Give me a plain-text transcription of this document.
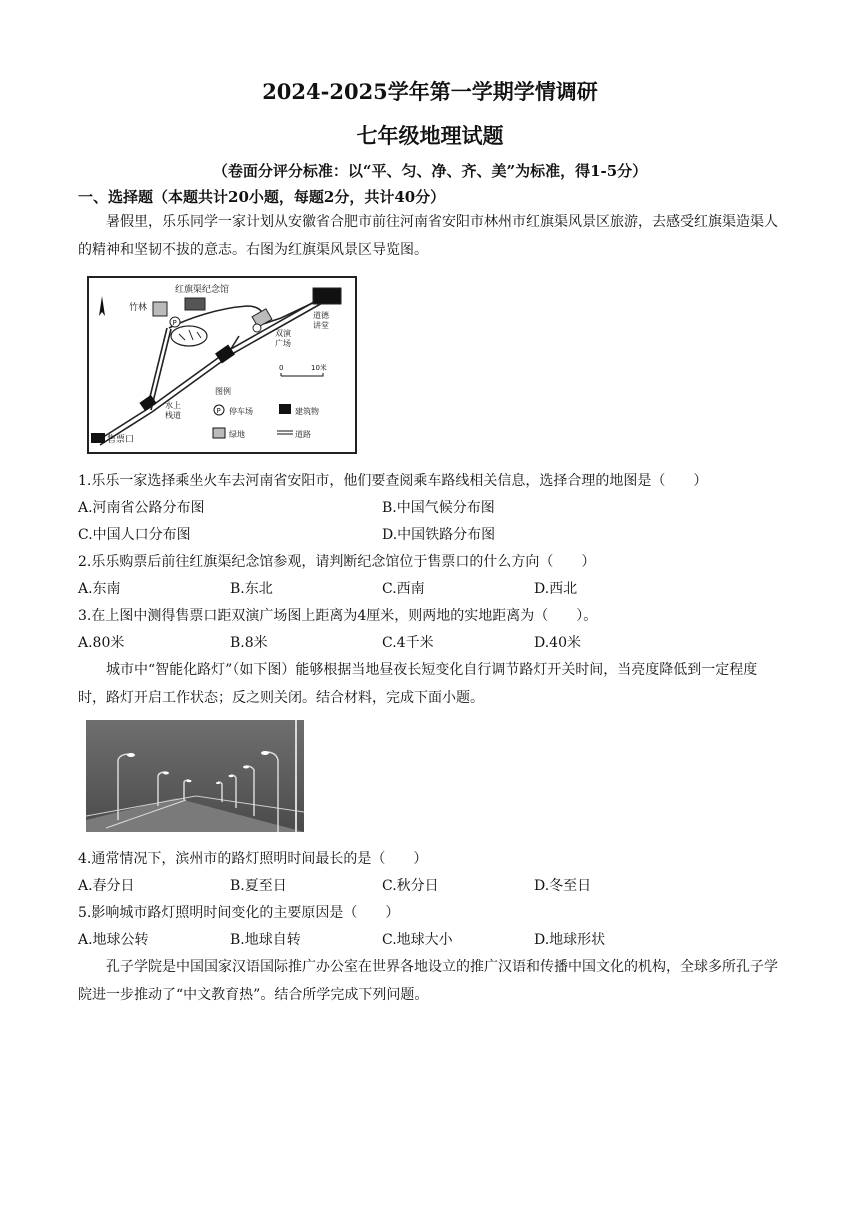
2024-2025学年第一学期学情调研
七年级地理试题
（卷面分评分标准：以“平、匀、净、齐、美”为标准，得1-5分）
一、选择题（本题共计20小题，每题2分，共计40分）
暑假里，乐乐同学一家计划从安徽省合肥市前往河南省安阳市林州市红旗渠风景区旅游，去感受红旗渠造渠人的精神和坚韧不拔的意志。右图为红旗渠风景区导览图。
P
红旗渠纪念馆
竹林
道德
讲堂
双演
广场
水上
栈道
售票口
0	10米
图例
P 停车场	建筑物
绿地	道路
1.乐乐一家选择乘坐火车去河南省安阳市，他们要查阅乘车路线相关信息，选择合理的地图是（　　）
A.河南省公路分布图	B.中国气候分布图
C.中国人口分布图	D.中国铁路分布图
2.乐乐购票后前往红旗渠纪念馆参观，请判断纪念馆位于售票口的什么方向（　　）
A.东南	B.东北	C.西南	D.西北
3.在上图中测得售票口距双演广场图上距离为4厘米，则两地的实地距离为（　　）。
A.80米	B.8米	C.4千米	D.40米
城市中“智能化路灯”（如下图）能够根据当地昼夜长短变化自行调节路灯开关时间，当亮度降低到一定程度时，路灯开启工作状态；反之则关闭。结合材料，完成下面小题。
4.通常情况下，滨州市的路灯照明时间最长的是（　　）
A.春分日	B.夏至日	C.秋分日	D.冬至日
5.影响城市路灯照明时间变化的主要原因是（　　）
A.地球公转	B.地球自转	C.地球大小	D.地球形状
孔子学院是中国国家汉语国际推广办公室在世界各地设立的推广汉语和传播中国文化的机构，全球多所孔子学院进一步推动了“中文教育热”。结合所学完成下列问题。
